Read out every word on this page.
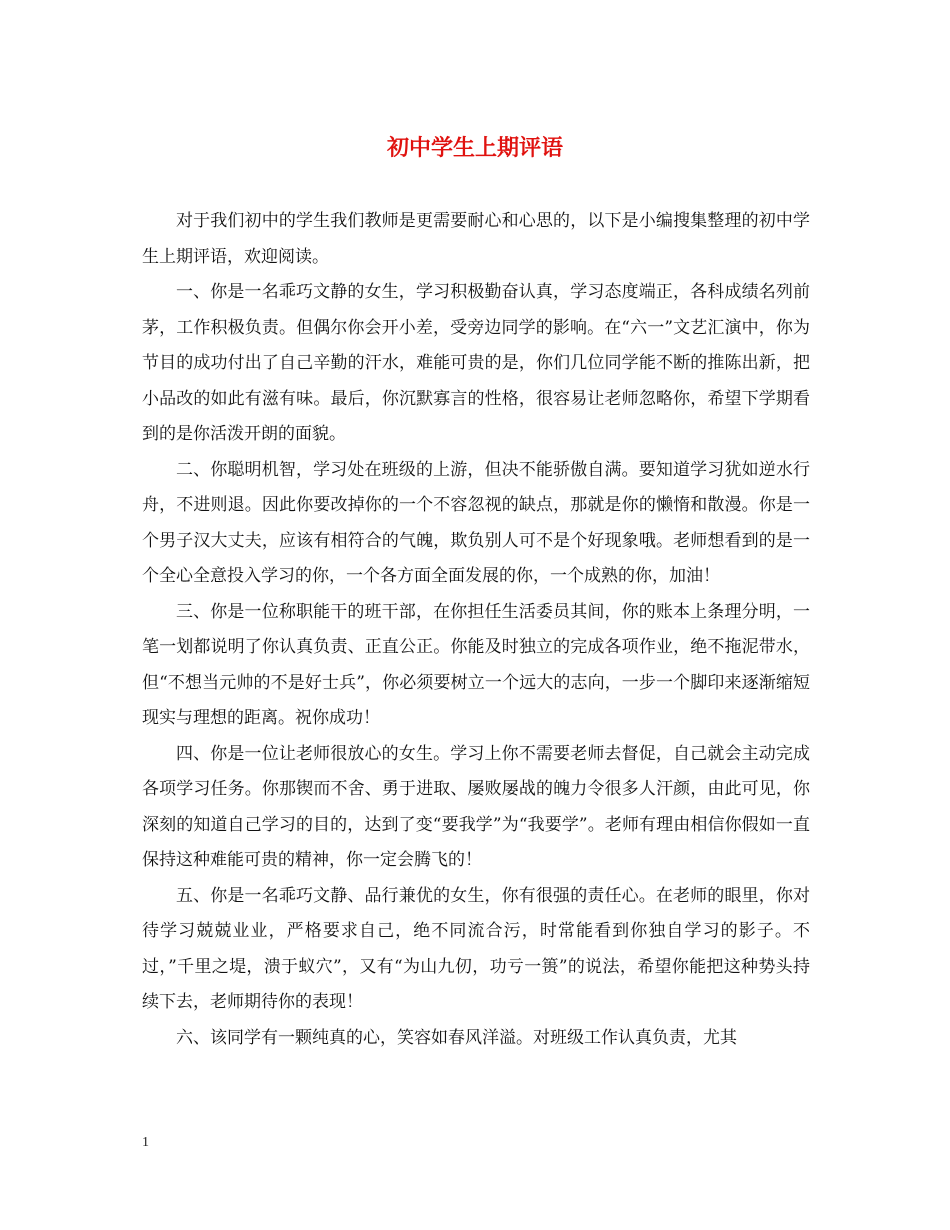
初中学生上期评语

对于我们初中的学生我们教师是更需要耐心和心思的，以下是小编搜集整理的初中学生上期评语，欢迎阅读。

一、你是一名乖巧文静的女生，学习积极勤奋认真，学习态度端正，各科成绩名列前茅，工作积极负责。但偶尔你会开小差，受旁边同学的影响。在“六一”文艺汇演中，你为节目的成功付出了自己辛勤的汗水，难能可贵的是，你们几位同学能不断的推陈出新，把小品改的如此有滋有味。最后，你沉默寡言的性格，很容易让老师忽略你，希望下学期看到的是你活泼开朗的面貌。

二、你聪明机智，学习处在班级的上游，但决不能骄傲自满。要知道学习犹如逆水行舟，不进则退。因此你要改掉你的一个不容忽视的缺点，那就是你的懒惰和散漫。你是一个男子汉大丈夫，应该有相符合的气魄，欺负别人可不是个好现象哦。老师想看到的是一个全心全意投入学习的你，一个各方面全面发展的你，一个成熟的你，加油！

三、你是一位称职能干的班干部，在你担任生活委员其间，你的账本上条理分明，一笔一划都说明了你认真负责、正直公正。你能及时独立的完成各项作业，绝不拖泥带水，但“不想当元帅的不是好士兵”，你必须要树立一个远大的志向，一步一个脚印来逐渐缩短现实与理想的距离。祝你成功！

四、你是一位让老师很放心的女生。学习上你不需要老师去督促，自己就会主动完成各项学习任务。你那锲而不舍、勇于进取、屡败屡战的魄力令很多人汗颜，由此可见，你深刻的知道自己学习的目的，达到了变“要我学”为“我要学”。老师有理由相信你假如一直保持这种难能可贵的精神，你一定会腾飞的！

五、你是一名乖巧文静、品行兼优的女生，你有很强的责任心。在老师的眼里，你对待学习兢兢业业，严格要求自己，绝不同流合污，时常能看到你独自学习的影子。不过，”千里之堤，溃于蚁穴”，又有“为山九仞，功亏一篑”的说法，希望你能把这种势头持续下去，老师期待你的表现！

六、该同学有一颗纯真的心，笑容如春风洋溢。对班级工作认真负责，尤其

1
